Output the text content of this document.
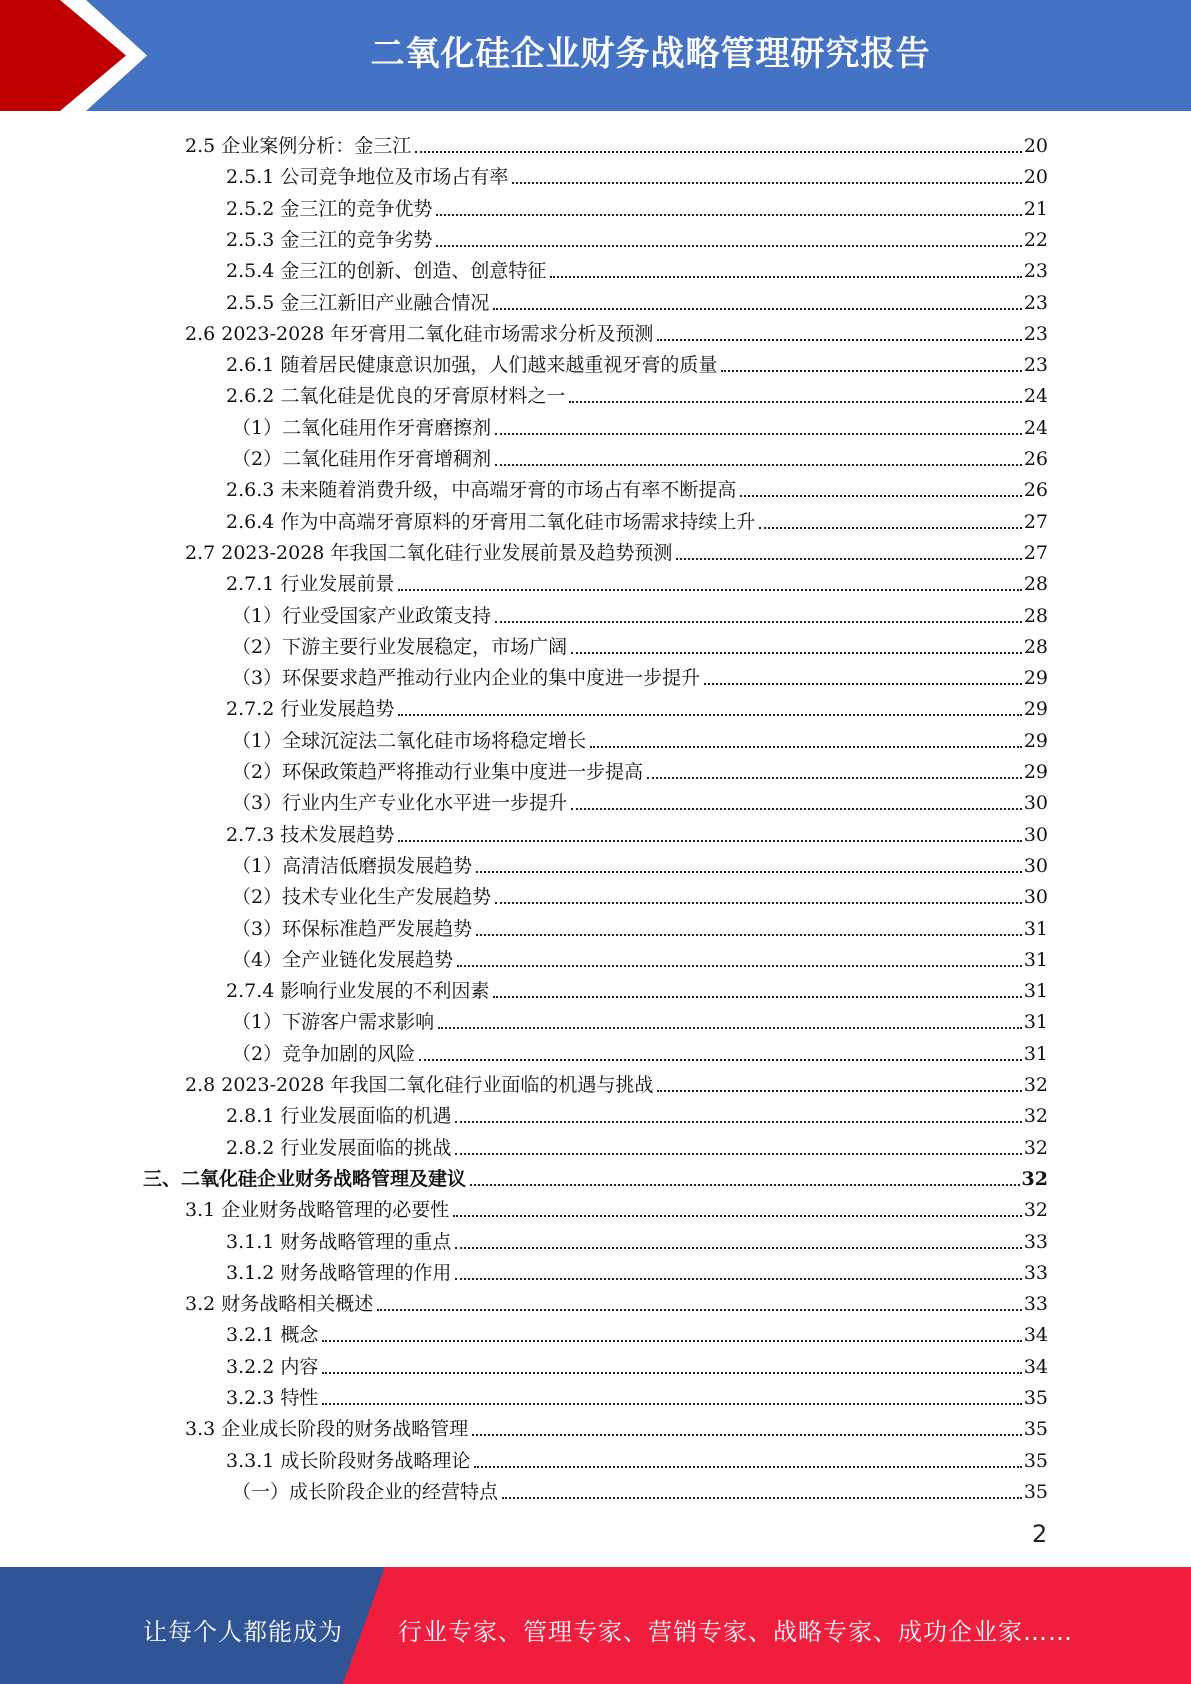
二氧化硅企业财务战略管理研究报告
2.5 企业案例分析：金三江	20
2.5.1 公司竞争地位及市场占有率	20
2.5.2 金三江的竞争优势	21
2.5.3 金三江的竞争劣势	22
2.5.4 金三江的创新、创造、创意特征	23
2.5.5 金三江新旧产业融合情况	23
2.6 2023-2028 年牙膏用二氧化硅市场需求分析及预测	23
2.6.1 随着居民健康意识加强，人们越来越重视牙膏的质量	23
2.6.2 二氧化硅是优良的牙膏原材料之一	24
（1）二氧化硅用作牙膏磨擦剂	24
（2）二氧化硅用作牙膏增稠剂	26
2.6.3 未来随着消费升级，中高端牙膏的市场占有率不断提高	26
2.6.4 作为中高端牙膏原料的牙膏用二氧化硅市场需求持续上升	27
2.7 2023-2028 年我国二氧化硅行业发展前景及趋势预测	27
2.7.1 行业发展前景	28
（1）行业受国家产业政策支持	28
（2）下游主要行业发展稳定，市场广阔	28
（3）环保要求趋严推动行业内企业的集中度进一步提升	29
2.7.2 行业发展趋势	29
（1）全球沉淀法二氧化硅市场将稳定增长	29
（2）环保政策趋严将推动行业集中度进一步提高	29
（3）行业内生产专业化水平进一步提升	30
2.7.3 技术发展趋势	30
（1）高清洁低磨损发展趋势	30
（2）技术专业化生产发展趋势	30
（3）环保标准趋严发展趋势	31
（4）全产业链化发展趋势	31
2.7.4 影响行业发展的不利因素	31
（1）下游客户需求影响	31
（2）竞争加剧的风险	31
2.8 2023-2028 年我国二氧化硅行业面临的机遇与挑战	32
2.8.1 行业发展面临的机遇	32
2.8.2 行业发展面临的挑战	32
三、二氧化硅企业财务战略管理及建议	32
3.1 企业财务战略管理的必要性	32
3.1.1 财务战略管理的重点	33
3.1.2 财务战略管理的作用	33
3.2 财务战略相关概述	33
3.2.1 概念	34
3.2.2 内容	34
3.2.3 特性	35
3.3 企业成长阶段的财务战略管理	35
3.3.1 成长阶段财务战略理论	35
（一）成长阶段企业的经营特点	35
2
让每个人都能成为 行业专家、管理专家、营销专家、战略专家、成功企业家……
